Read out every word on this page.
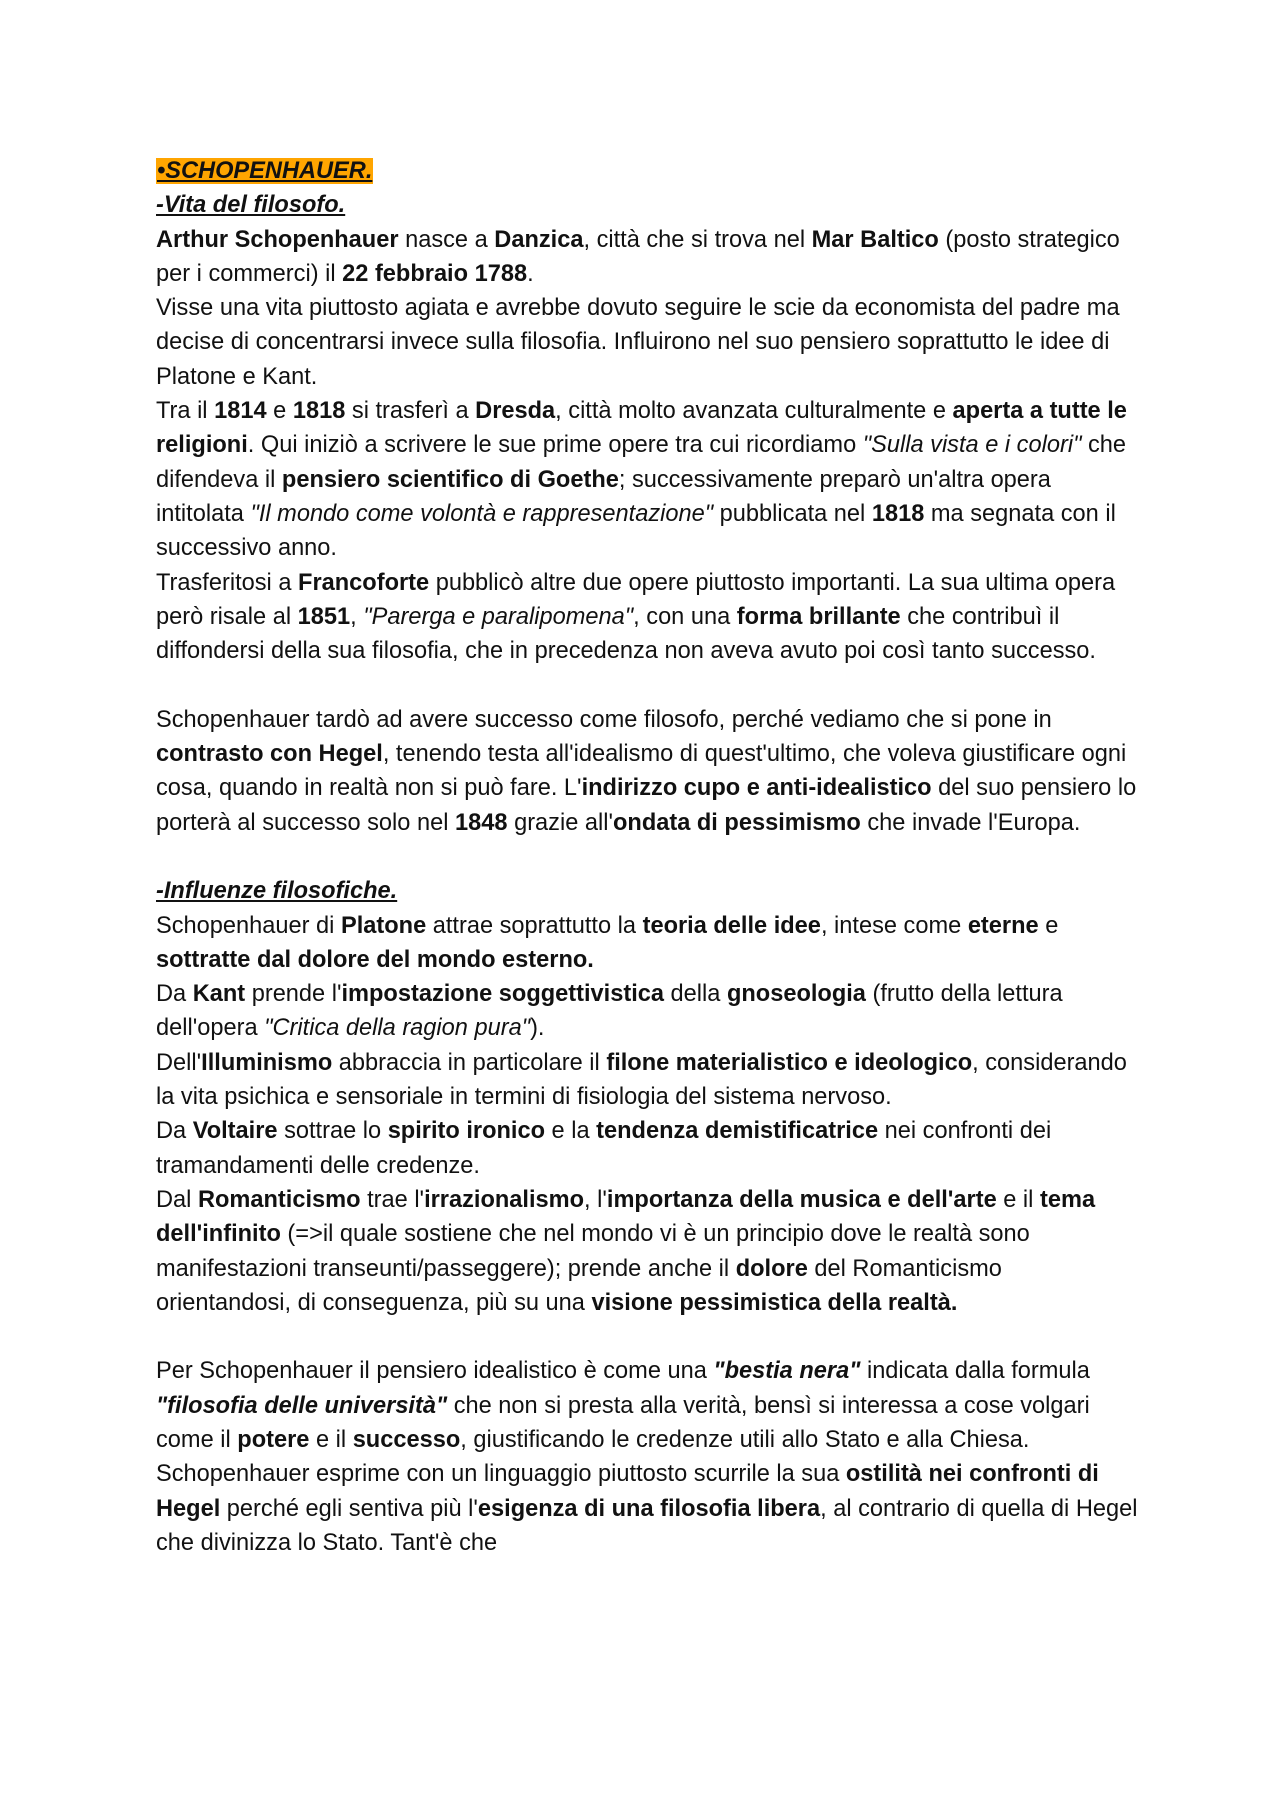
•SCHOPENHAUER.

-Vita del filosofo.

Arthur Schopenhauer nasce a Danzica, città che si trova nel Mar Baltico (posto strategico per i commerci) il 22 febbraio 1788.

Visse una vita piuttosto agiata e avrebbe dovuto seguire le scie da economista del padre ma decise di concentrarsi invece sulla filosofia. Influirono nel suo pensiero soprattutto le idee di Platone e Kant.

Tra il 1814 e 1818 si trasferì a Dresda, città molto avanzata culturalmente e aperta a tutte le religioni. Qui iniziò a scrivere le sue prime opere tra cui ricordiamo "Sulla vista e i colori" che difendeva il pensiero scientifico di Goethe; successivamente preparò un'altra opera intitolata "Il mondo come volontà e rappresentazione" pubblicata nel 1818 ma segnata con il successivo anno.

Trasferitosi a Francoforte pubblicò altre due opere piuttosto importanti. La sua ultima opera però risale al 1851, "Parerga e paralipomena", con una forma brillante che contribuì il diffondersi della sua filosofia, che in precedenza non aveva avuto poi così tanto successo.

Schopenhauer tardò ad avere successo come filosofo, perché vediamo che si pone in contrasto con Hegel, tenendo testa all'idealismo di quest'ultimo, che voleva giustificare ogni cosa, quando in realtà non si può fare. L'indirizzo cupo e anti-idealistico del suo pensiero lo porterà al successo solo nel 1848 grazie all'ondata di pessimismo che invade l'Europa.

-Influenze filosofiche.

Schopenhauer di Platone attrae soprattutto la teoria delle idee, intese come eterne e sottratte dal dolore del mondo esterno.

Da Kant prende l'impostazione soggettivistica della gnoseologia (frutto della lettura dell'opera "Critica della ragion pura").

Dell'Illuminismo abbraccia in particolare il filone materialistico e ideologico, considerando la vita psichica e sensoriale in termini di fisiologia del sistema nervoso.

Da Voltaire sottrae lo spirito ironico e la tendenza demistificatrice nei confronti dei tramandamenti delle credenze.

Dal Romanticismo trae l'irrazionalismo, l'importanza della musica e dell'arte e il tema dell'infinito (=>il quale sostiene che nel mondo vi è un principio dove le realtà sono manifestazioni transeunti/passeggere); prende anche il dolore del Romanticismo orientandosi, di conseguenza, più su una visione pessimistica della realtà.

Per Schopenhauer il pensiero idealistico è come una "bestia nera" indicata dalla formula "filosofia delle università" che non si presta alla verità, bensì si interessa a cose volgari come il potere e il successo, giustificando le credenze utili allo Stato e alla Chiesa. Schopenhauer esprime con un linguaggio piuttosto scurrile la sua ostilità nei confronti di Hegel perché egli sentiva più l'esigenza di una filosofia libera, al contrario di quella di Hegel che divinizza lo Stato. Tant'è che
